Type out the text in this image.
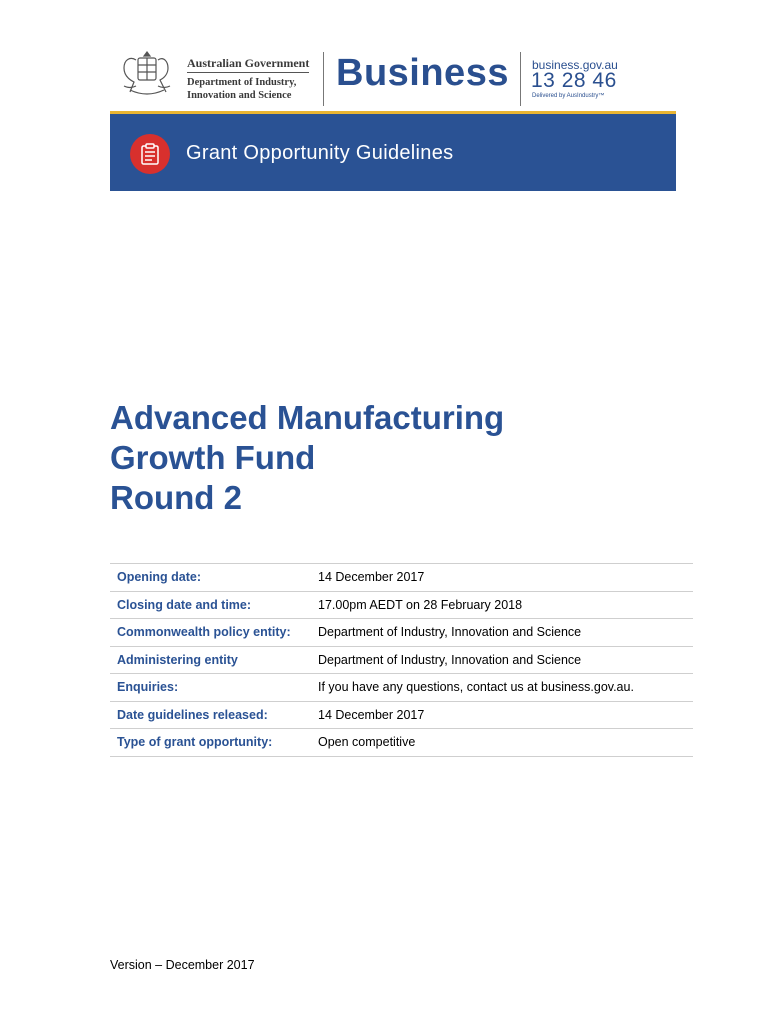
Australian Government
Department of Industry,
Innovation and Science
Business business.gov.au
13 28 46
Delivered by AusIndustry™
Grant Opportunity Guidelines
Advanced Manufacturing
Growth Fund
Round 2
Opening date:	14 December 2017
Closing date and time:	17.00pm AEDT on 28 February 2018
Commonwealth policy entity:	Department of Industry, Innovation and Science
Administering entity	Department of Industry, Innovation and Science
Enquiries:	If you have any questions, contact us at business.gov.au.
Date guidelines released:	14 December 2017
Type of grant opportunity:	Open competitive
Version – December 2017
